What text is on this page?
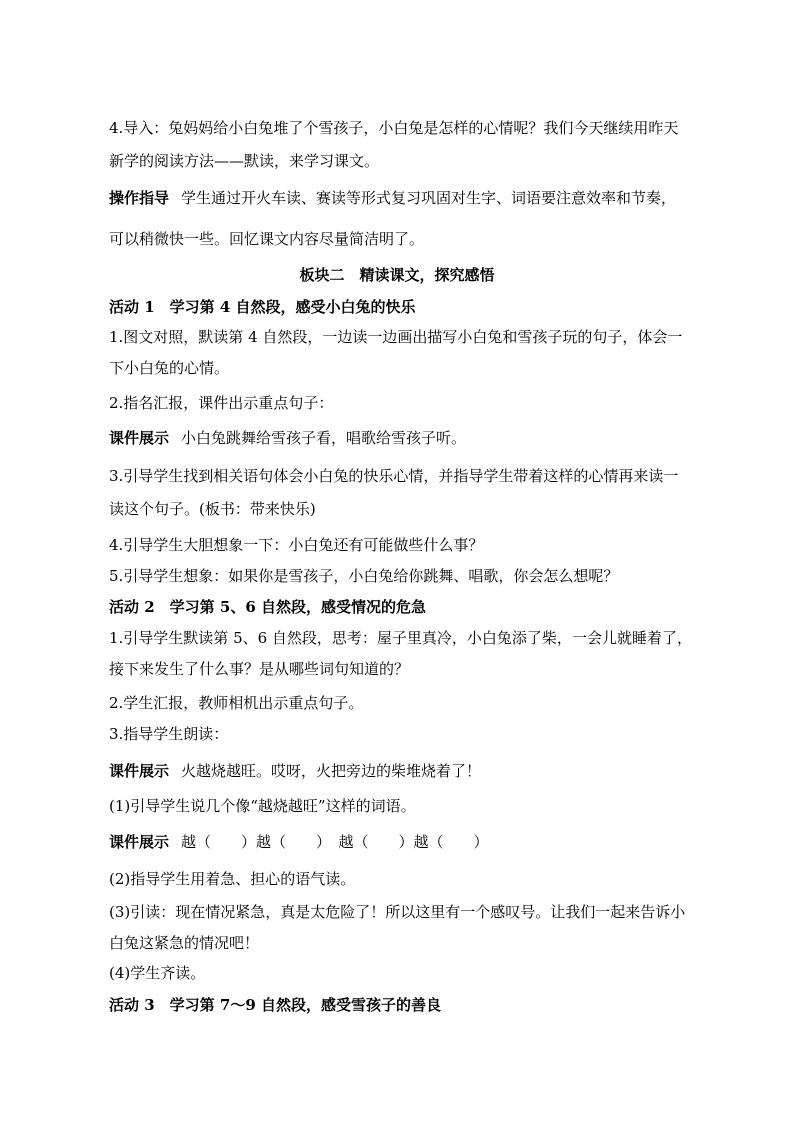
4.导入：兔妈妈给小白兔堆了个雪孩子，小白兔是怎样的心情呢？我们今天继续用昨天
新学的阅读方法——默读，来学习课文。
操作指导 学生通过开火车读、赛读等形式复习巩固对生字、词语要注意效率和节奏，
可以稍微快一些。回忆课文内容尽量简洁明了。
板块二　精读课文，探究感悟
活动 1　学习第 4 自然段，感受小白兔的快乐
1.图文对照，默读第 4 自然段，一边读一边画出描写小白兔和雪孩子玩的句子，体会一
下小白兔的心情。
2.指名汇报，课件出示重点句子：
课件展示 小白兔跳舞给雪孩子看，唱歌给雪孩子听。
3.引导学生找到相关语句体会小白兔的快乐心情，并指导学生带着这样的心情再来读一
读这个句子。(板书：带来快乐)
4.引导学生大胆想象一下：小白兔还有可能做些什么事？
5.引导学生想象：如果你是雪孩子，小白兔给你跳舞、唱歌，你会怎么想呢？
活动 2　学习第 5、6 自然段，感受情况的危急
1.引导学生默读第 5、6 自然段，思考：屋子里真冷，小白兔添了柴，一会儿就睡着了，
接下来发生了什么事？是从哪些词句知道的？
2.学生汇报，教师相机出示重点句子。
3.指导学生朗读：
课件展示 火越烧越旺。哎呀，火把旁边的柴堆烧着了！
(1)引导学生说几个像“越烧越旺”这样的词语。
课件展示 越（　　）越（　　）　越（　　）越（　　）
(2)指导学生用着急、担心的语气读。
(3)引读：现在情况紧急，真是太危险了！所以这里有一个感叹号。让我们一起来告诉小
白兔这紧急的情况吧！
(4)学生齐读。
活动 3　学习第 7～9 自然段，感受雪孩子的善良
